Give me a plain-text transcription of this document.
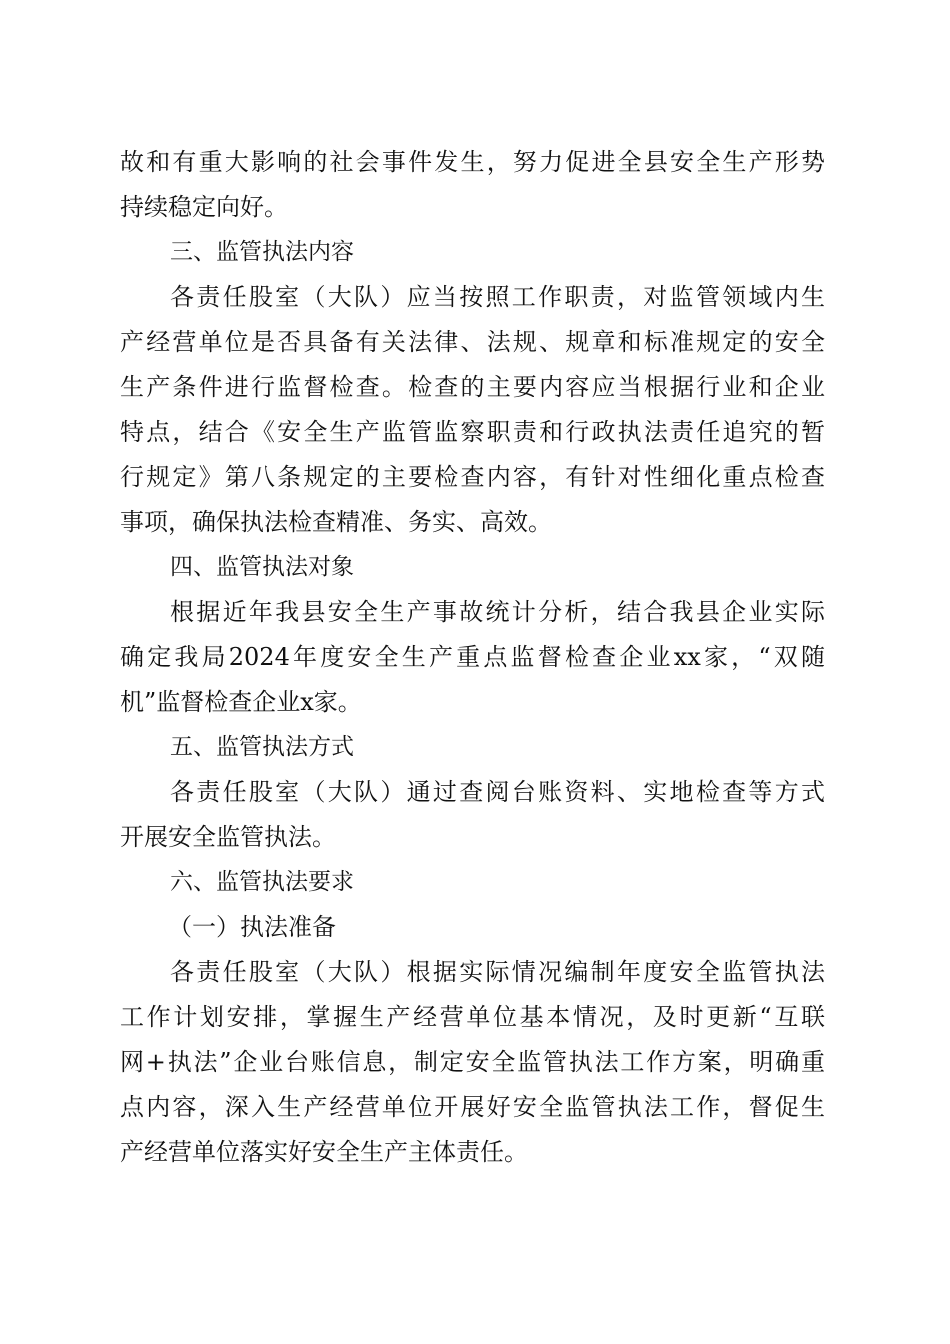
故和有重大影响的社会事件发生，努力促进全县安全生产形势
持续稳定向好。
三、监管执法内容
各责任股室（大队）应当按照工作职责，对监管领域内生
产经营单位是否具备有关法律、法规、规章和标准规定的安全
生产条件进行监督检查。检查的主要内容应当根据行业和企业
特点，结合《安全生产监管监察职责和行政执法责任追究的暂
行规定》第八条规定的主要检查内容，有针对性细化重点检查
事项，确保执法检查精准、务实、高效。
四、监管执法对象
根据近年我县安全生产事故统计分析，结合我县企业实际
确定我局2024年度安全生产重点监督检查企业xx家，“双随
机”监督检查企业x家。
五、监管执法方式
各责任股室（大队）通过查阅台账资料、实地检查等方式
开展安全监管执法。
六、监管执法要求
（一）执法准备
各责任股室（大队）根据实际情况编制年度安全监管执法
工作计划安排，掌握生产经营单位基本情况，及时更新“互联
网+执法”企业台账信息，制定安全监管执法工作方案，明确重
点内容，深入生产经营单位开展好安全监管执法工作，督促生
产经营单位落实好安全生产主体责任。
